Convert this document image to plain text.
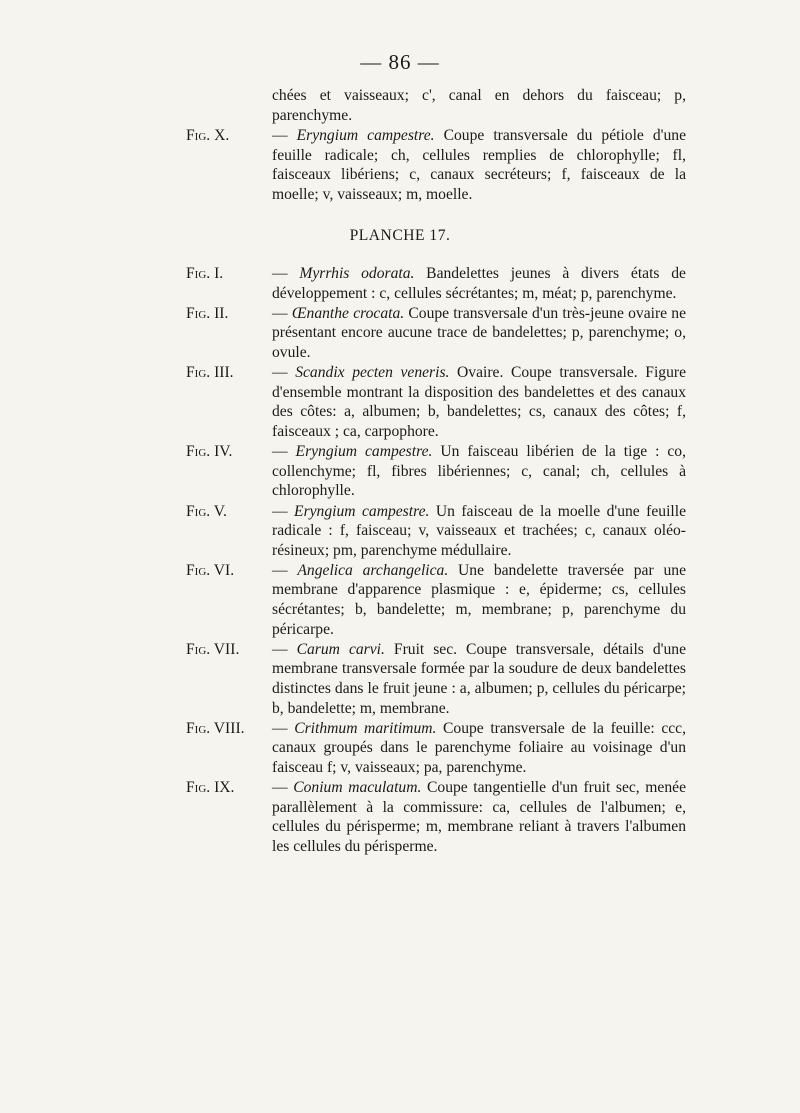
— 86 —
chées et vaisseaux; c', canal en dehors du faisceau; p, parenchyme.
Fig. X.	— Eryngium campestre. Coupe transversale du pétiole d'une feuille radicale; ch, cellules remplies de chlorophylle; fl, faisceaux libériens; c, canaux secréteurs; f, faisceaux de la moelle; v, vaisseaux; m, moelle.
PLANCHE 17.
Fig. I.	— Myrrhis odorata. Bandelettes jeunes à divers états de développement : c, cellules sécrétantes; m, méat; p, parenchyme.
Fig. II.	— Œnanthe crocata. Coupe transversale d'un très-jeune ovaire ne présentant encore aucune trace de bandelettes; p, parenchyme; o, ovule.
Fig. III.	— Scandix pecten veneris. Ovaire. Coupe transversale. Figure d'ensemble montrant la disposition des bandelettes et des canaux des côtes: a, albumen; b, bandelettes; cs, canaux des côtes; f, faisceaux ; ca, carpophore.
Fig. IV.	— Eryngium campestre. Un faisceau libérien de la tige : co, collenchyme; fl, fibres libériennes; c, canal; ch, cellules à chlorophylle.
Fig. V.	— Eryngium campestre. Un faisceau de la moelle d'une feuille radicale : f, faisceau; v, vaisseaux et trachées; c, canaux oléo-résineux; pm, parenchyme médullaire.
Fig. VI.	— Angelica archangelica. Une bandelette traversée par une membrane d'apparence plasmique : e, épiderme; cs, cellules sécrétantes; b, bandelette; m, membrane; p, parenchyme du péricarpe.
Fig. VII.	— Carum carvi. Fruit sec. Coupe transversale, détails d'une membrane transversale formée par la soudure de deux bandelettes distinctes dans le fruit jeune : a, albumen; p, cellules du péricarpe; b, bandelette; m, membrane.
Fig. VIII.	— Crithmum maritimum. Coupe transversale de la feuille: ccc, canaux groupés dans le parenchyme foliaire au voisinage d'un faisceau f; v, vaisseaux; pa, parenchyme.
Fig. IX.	— Conium maculatum. Coupe tangentielle d'un fruit sec, menée parallèlement à la commissure: ca, cellules de l'albumen; e, cellules du périsperme; m, membrane reliant à travers l'albumen les cellules du périsperme.
